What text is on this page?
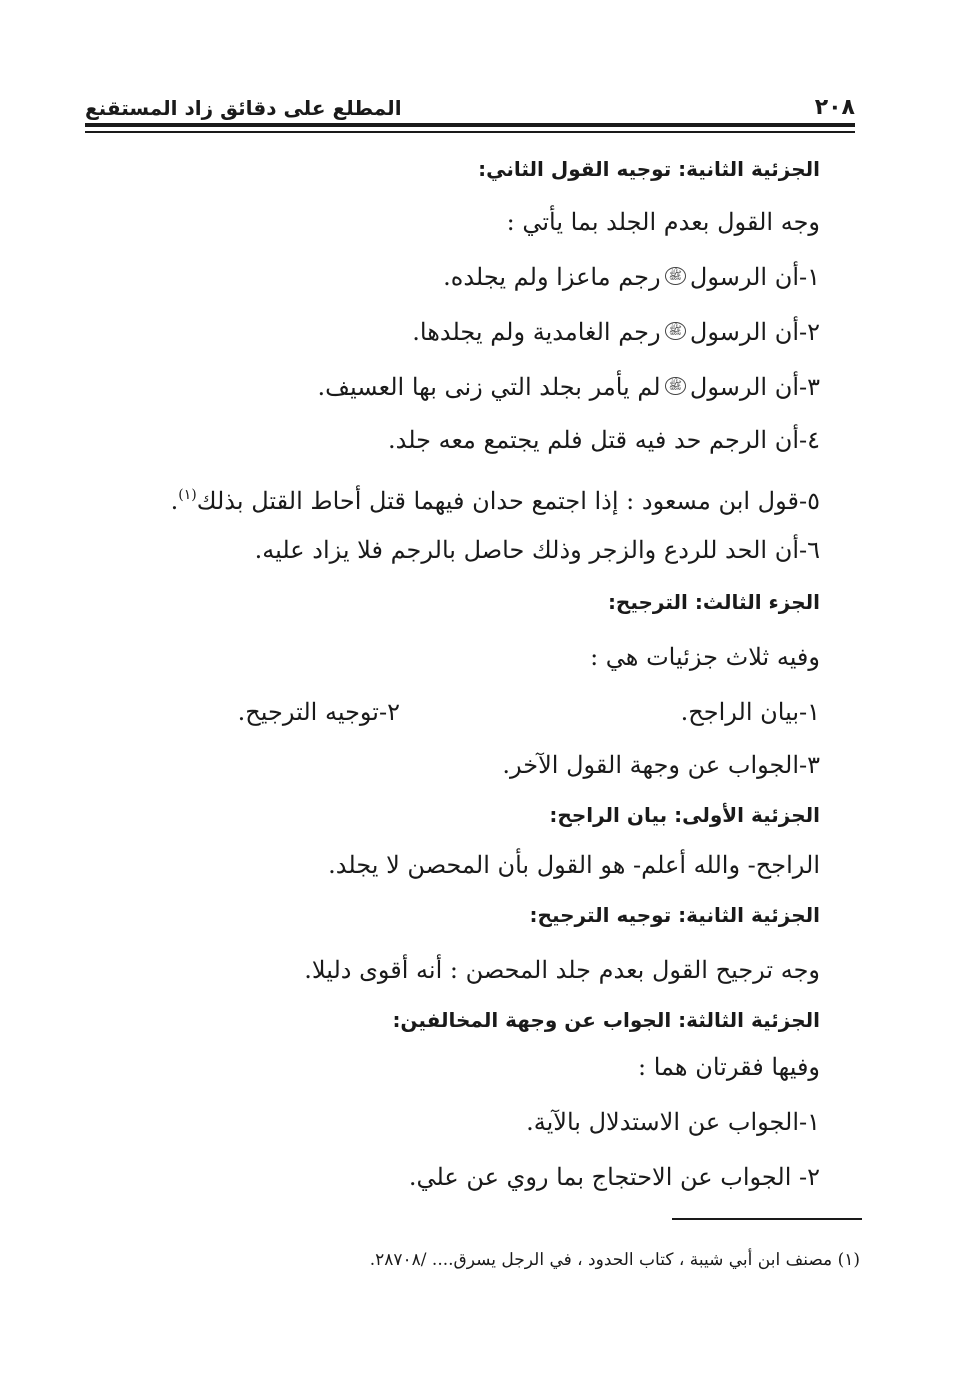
٢٠٨
المطلع على دقائق زاد المستقنع
الجزئية الثانية: توجيه القول الثاني:
وجه القول بعدم الجلد بما يأتي :
١-أن الرسولﷺرجم ماعزا ولم يجلده.
٢-أن الرسولﷺرجم الغامدية ولم يجلدها.
٣-أن الرسولﷺلم يأمر بجلد التي زنى بها العسيف.
٤-أن الرجم حد فيه قتل فلم يجتمع معه جلد.
٥-قول ابن مسعود : إذا اجتمع حدان فيهما قتل أحاط القتل بذلك$^{(١)}$.
٦-أن الحد للردع والزجر وذلك حاصل بالرجم فلا يزاد عليه.
الجزء الثالث: الترجيح:
وفيه ثلاث جزئيات هي :
١-بيان الراجح.
٢-توجيه الترجيح.
٣-الجواب عن وجهة القول الآخر.
الجزئية الأولى: بيان الراجح:
الراجح- والله أعلم- هو القول بأن المحصن لا يجلد.
الجزئية الثانية: توجيه الترجيح:
وجه ترجيح القول بعدم جلد المحصن : أنه أقوى دليلا.
الجزئية الثالثة: الجواب عن وجهة المخالفين:
وفيها فقرتان هما :
١-الجواب عن الاستدلال بالآية.
٢- الجواب عن الاحتجاج بما روي عن علي.
(١) مصنف ابن أبي شيبة ، كتاب الحدود ، في الرجل يسرق.... /٢٨٧٠٨.
